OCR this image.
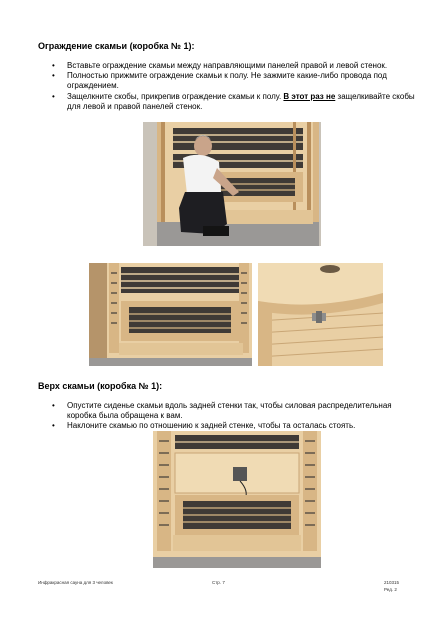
Ограждение скамьи (коробка № 1):
• Вставьте ограждение скамьи между направляющими панелей правой и левой стенок.
• Полностью прижмите ограждение скамьи к полу. Не зажмите какие-либо провода под ограждением.
• Защелкните скобы, прикрепив ограждение скамьи к полу. В этот раз не защелкивайте скобы для левой и правой панелей стенок.
Верх скамьи (коробка № 1):
• Опустите сиденье скамьи вдоль задней стенки так, чтобы силовая распределительная коробка была обращена к вам.
• Наклоните скамью по отношению к задней стенке, чтобы та осталась стоять.
Инфракрасная сауна для 3 человек	Стр. 7	210315
Ред. 2
